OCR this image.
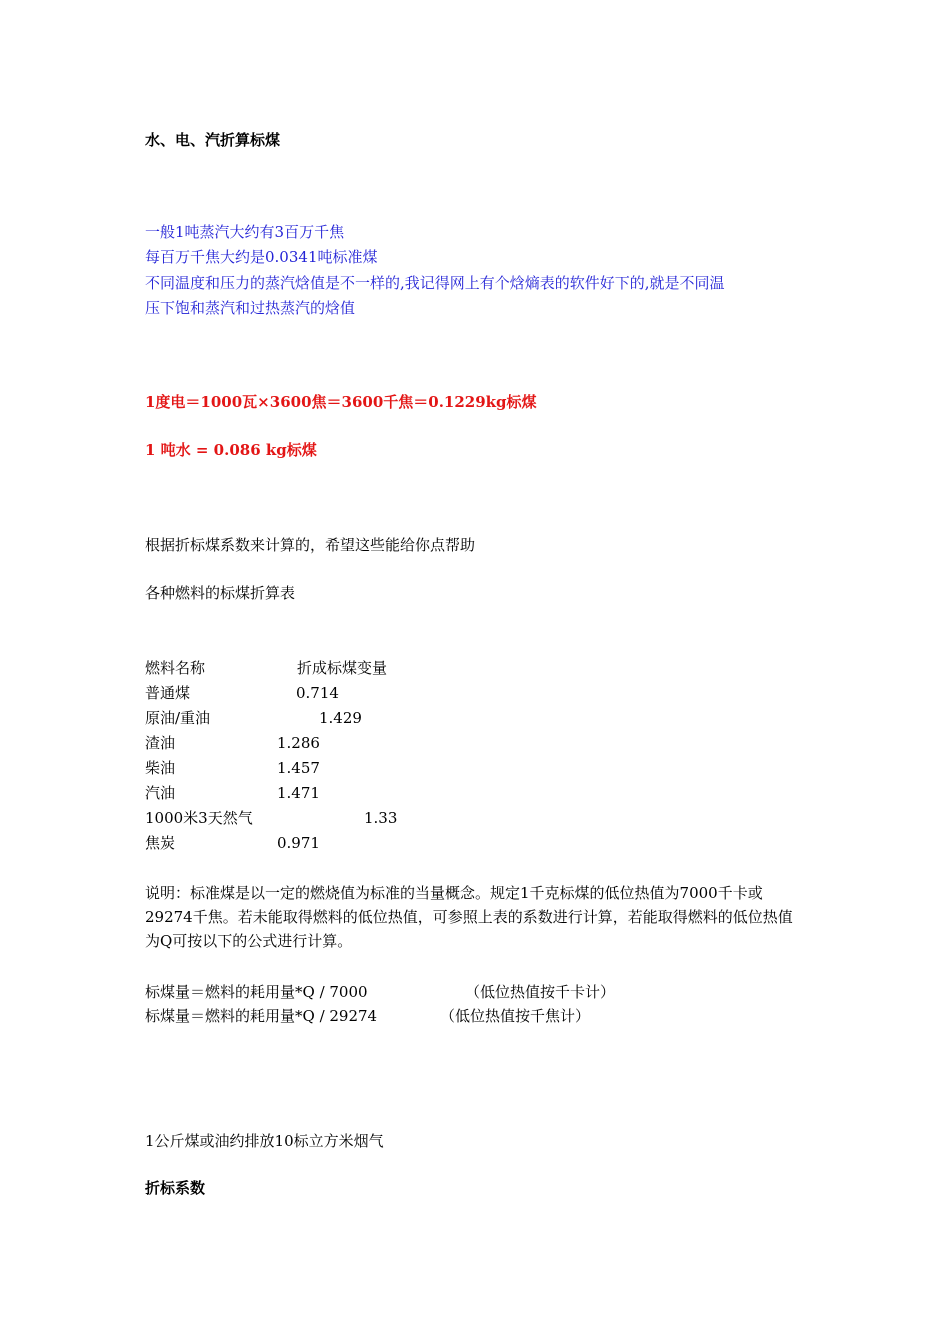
水、电、汽折算标煤
一般1吨蒸汽大约有3百万千焦
每百万千焦大约是0.0341吨标准煤
不同温度和压力的蒸汽焓值是不一样的,我记得网上有个焓熵表的软件好下的,就是不同温
压下饱和蒸汽和过热蒸汽的焓值
1度电＝1000瓦×3600焦＝3600千焦＝0.1229kg标煤
1 吨水 = 0.086 kg标煤
根据折标煤系数来计算的，希望这些能给你点帮助
各种燃料的标煤折算表
燃料名称	折成标煤变量
普通煤	0.714
原油/重油	1.429
渣油	1.286
柴油	1.457
汽油	1.471
1000米3天然气	1.33
焦炭	0.971
说明：标准煤是以一定的燃烧值为标准的当量概念。规定1千克标煤的低位热值为7000千卡或29274千焦。若未能取得燃料的低位热值，可参照上表的系数进行计算，若能取得燃料的低位热值为Q可按以下的公式进行计算。
标煤量＝燃料的耗用量*Q / 7000	（低位热值按千卡计）
标煤量＝燃料的耗用量*Q / 29274	（低位热值按千焦计）
1公斤煤或油约排放10标立方米烟气
折标系数
